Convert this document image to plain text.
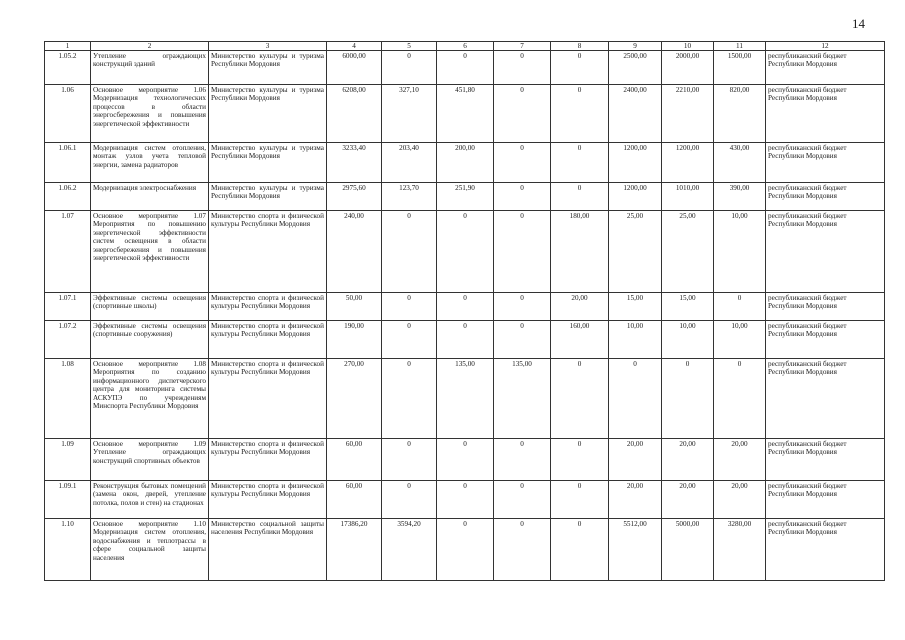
14
1	2	3	4	5	6	7	8	9	10	11	12
1.05.2	Утепление ограждающих конструкций зданий	Министерство культуры и туризма Республики Мордовия	6000,00	0	0	0	0	2500,00	2000,00	1500,00	республиканский бюджет Республики Мордовия
1.06	Основное мероприятие 1.06 Модернизация технологических процессов в области энергосбережения и повышения энергетической эффективности	Министерство культуры и туризма Республики Мордовия	6208,00	327,10	451,80	0	0	2400,00	2210,00	820,00	республиканский бюджет Республики Мордовия
1.06.1	Модернизация систем отопления, монтаж узлов учета тепловой энергии, замена радиаторов	Министерство культуры и туризма Республики Мордовия	3233,40	203,40	200,00	0	0	1200,00	1200,00	430,00	республиканский бюджет Республики Мордовия
1.06.2	Модернизация электроснабжения	Министерство культуры и туризма Республики Мордовия	2975,60	123,70	251,90	0	0	1200,00	1010,00	390,00	республиканский бюджет Республики Мордовия
1.07	Основное мероприятие 1.07 Мероприятия по повышению энергетической эффективности систем освещения в области энергосбережения и повышения энергетической эффективности	Министерство спорта и физической культуры Республики Мордовия	240,00	0	0	0	180,00	25,00	25,00	10,00	республиканский бюджет Республики Мордовия
1.07.1	Эффективные системы освещения (спортивные школы)	Министерство спорта и физической культуры Республики Мордовия	50,00	0	0	0	20,00	15,00	15,00	0	республиканский бюджет Республики Мордовия
1.07.2	Эффективные системы освещения (спортивные сооружения)	Министерство спорта и физической культуры Республики Мордовия	190,00	0	0	0	160,00	10,00	10,00	10,00	республиканский бюджет Республики Мордовия
1.08	Основное мероприятие 1.08 Мероприятия по созданию информационного диспетчерского центра для мониторинга системы АСКУПЭ по учреждениям Минспорта Республики Мордовия	Министерство спорта и физической культуры Республики Мордовия	270,00	0	135,00	135,00	0	0	0	0	республиканский бюджет Республики Мордовия
1.09	Основное мероприятие 1.09 Утепление ограждающих конструкций спортивных объектов	Министерство спорта и физической культуры Республики Мордовия	60,00	0	0	0	0	20,00	20,00	20,00	республиканский бюджет Республики Мордовия
1.09.1	Реконструкция бытовых помещений (замена окон, дверей, утепление потолка, полов и стен) на стадионах	Министерство спорта и физической культуры Республики Мордовия	60,00	0	0	0	0	20,00	20,00	20,00	республиканский бюджет Республики Мордовия
1.10	Основное мероприятие 1.10 Модернизация систем отопления, водоснабжения и теплотрассы в сфере социальной защиты населения	Министерство социальной защиты населения Республики Мордовия	17386,20	3594,20	0	0	0	5512,00	5000,00	3280,00	республиканский бюджет Республики Мордовия
